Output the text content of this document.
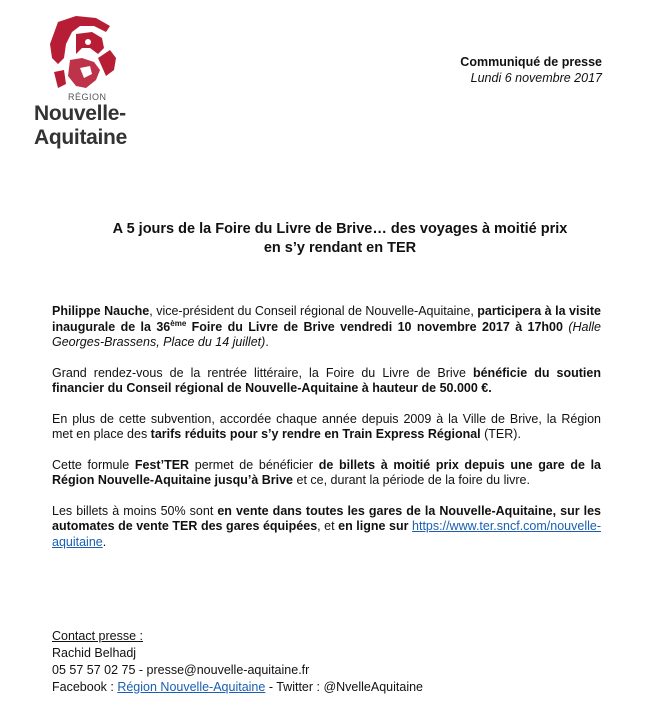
RÉGION
Nouvelle-
Aquitaine
Communiqué de presse
Lundi 6 novembre 2017
A 5 jours de la Foire du Livre de Brive… des voyages à moitié prix
en s’y rendant en TER

Philippe Nauche, vice-président du Conseil régional de Nouvelle-Aquitaine, participera à la visite inaugurale de la 36ème Foire du Livre de Brive vendredi 10 novembre 2017 à 17h00 (Halle Georges-Brassens, Place du 14 juillet).

Grand rendez-vous de la rentrée littéraire, la Foire du Livre de Brive bénéficie du soutien financier du Conseil régional de Nouvelle-Aquitaine à hauteur de 50.000 €.

En plus de cette subvention, accordée chaque année depuis 2009 à la Ville de Brive, la Région met en place des tarifs réduits pour s’y rendre en Train Express Régional (TER).

Cette formule Fest’TER permet de bénéficier de billets à moitié prix depuis une gare de la Région Nouvelle-Aquitaine jusqu’à Brive et ce, durant la période de la foire du livre.

Les billets à moins 50% sont en vente dans toutes les gares de la Nouvelle-Aquitaine, sur les automates de vente TER des gares équipées, et en ligne sur https://www.ter.sncf.com/nouvelle-aquitaine.

Contact presse :
Rachid Belhadj
05 57 57 02 75 - presse@nouvelle-aquitaine.fr
Facebook : Région Nouvelle-Aquitaine - Twitter : @NvelleAquitaine
